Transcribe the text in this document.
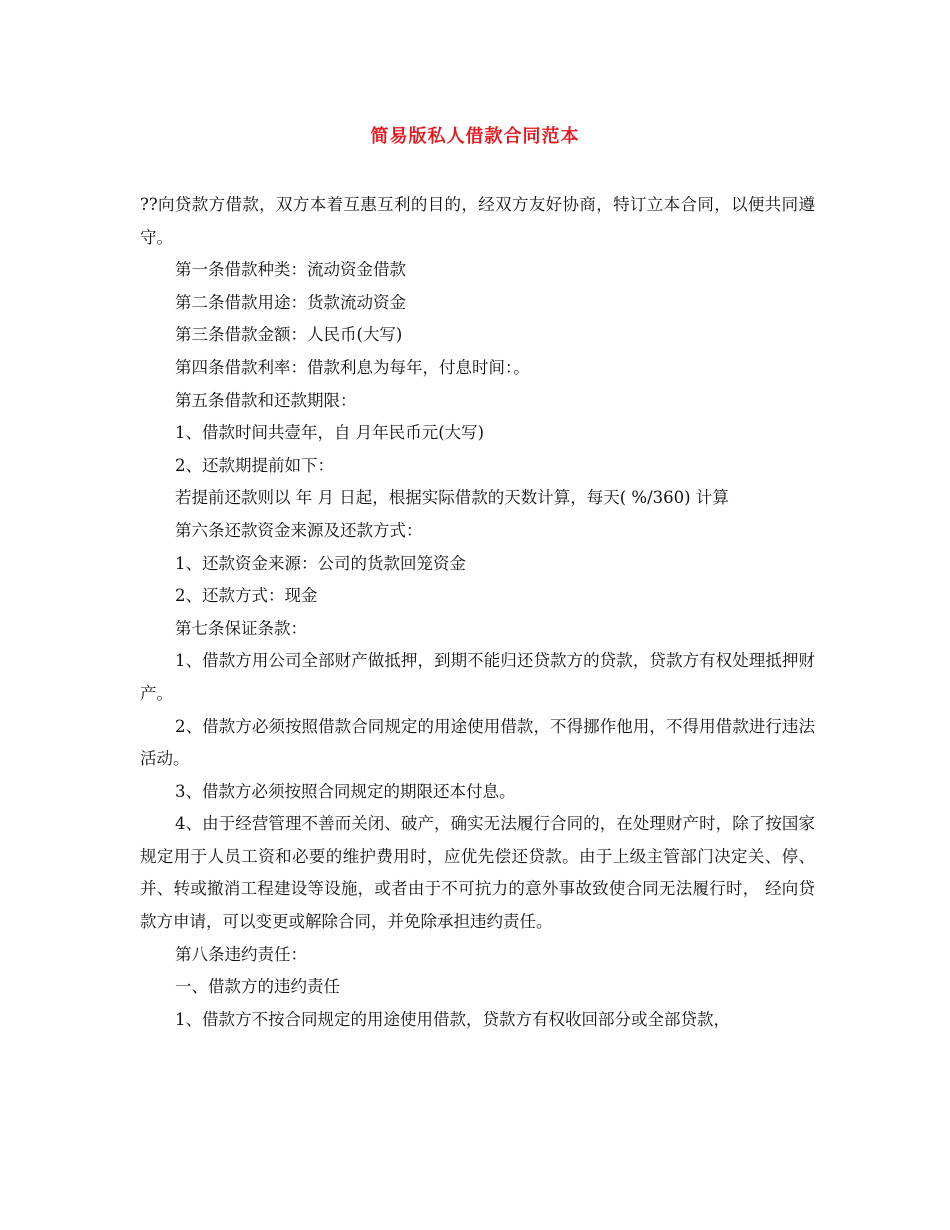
简易版私人借款合同范本

??向贷款方借款，双方本着互惠互利的目的，经双方友好协商，特订立本合同，以便共同遵守。

第一条借款种类：流动资金借款

第二条借款用途：货款流动资金

第三条借款金额：人民币(大写)

第四条借款利率：借款利息为每年，付息时间：。

第五条借款和还款期限：

1、借款时间共壹年，自 月年民币元(大写)

2、还款期提前如下：

若提前还款则以 年 月 日起，根据实际借款的天数计算，每天( %/360) 计算

第六条还款资金来源及还款方式：

1、还款资金来源：公司的货款回笼资金

2、还款方式：现金

第七条保证条款：

1、借款方用公司全部财产做抵押，到期不能归还贷款方的贷款，贷款方有权处理抵押财产。

2、借款方必须按照借款合同规定的用途使用借款，不得挪作他用，不得用借款进行违法活动。

3、借款方必须按照合同规定的期限还本付息。

4、由于经营管理不善而关闭、破产，确实无法履行合同的，在处理财产时，除了按国家规定用于人员工资和必要的维护费用时，应优先偿还贷款。由于上级主管部门决定关、停、并、转或撤消工程建设等设施，或者由于不可抗力的意外事故致使合同无法履行时， 经向贷款方申请，可以变更或解除合同，并免除承担违约责任。

第八条违约责任：

一、借款方的违约责任

1、借款方不按合同规定的用途使用借款，贷款方有权收回部分或全部贷款，
